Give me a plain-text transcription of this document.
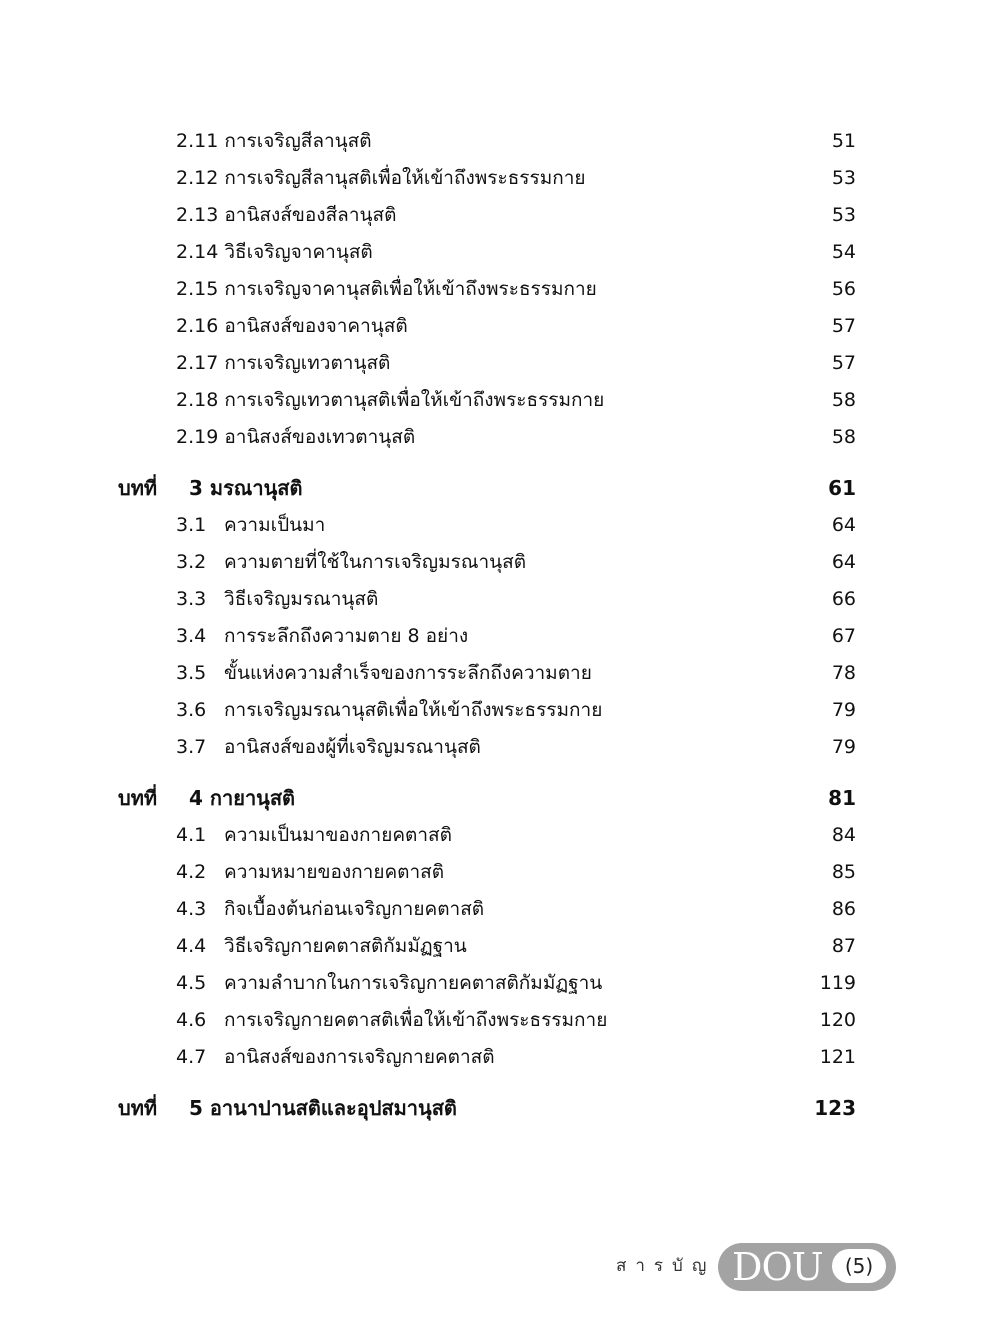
2.11 การเจริญสีลานุสติ	51
2.12 การเจริญสีลานุสติเพื่อให้เข้าถึงพระธรรมกาย	53
2.13 อานิสงส์ของสีลานุสติ	53
2.14 วิธีเจริญจาคานุสติ	54
2.15 การเจริญจาคานุสติเพื่อให้เข้าถึงพระธรรมกาย	56
2.16 อานิสงส์ของจาคานุสติ	57
2.17 การเจริญเทวตานุสติ	57
2.18 การเจริญเทวตานุสติเพื่อให้เข้าถึงพระธรรมกาย	58
2.19 อานิสงส์ของเทวตานุสติ	58
บทที่ 3 มรณานุสติ	61
3.1 ความเป็นมา	64
3.2 ความตายที่ใช้ในการเจริญมรณานุสติ	64
3.3 วิธีเจริญมรณานุสติ	66
3.4 การระลึกถึงความตาย 8 อย่าง	67
3.5 ขั้นแห่งความสำเร็จของการระลึกถึงความตาย	78
3.6 การเจริญมรณานุสติเพื่อให้เข้าถึงพระธรรมกาย	79
3.7 อานิสงส์ของผู้ที่เจริญมรณานุสติ	79
บทที่ 4 กายานุสติ	81
4.1 ความเป็นมาของกายคตาสติ	84
4.2 ความหมายของกายคตาสติ	85
4.3 กิจเบื้องต้นก่อนเจริญกายคตาสติ	86
4.4 วิธีเจริญกายคตาสติกัมมัฏฐาน	87
4.5 ความลำบากในการเจริญกายคตาสติกัมมัฏฐาน	119
4.6 การเจริญกายคตาสติเพื่อให้เข้าถึงพระธรรมกาย	120
4.7 อานิสงส์ของการเจริญกายคตาสติ	121
บทที่ 5 อานาปานสติและอุปสมานุสติ	123
สารบัญ DOU	(5)
